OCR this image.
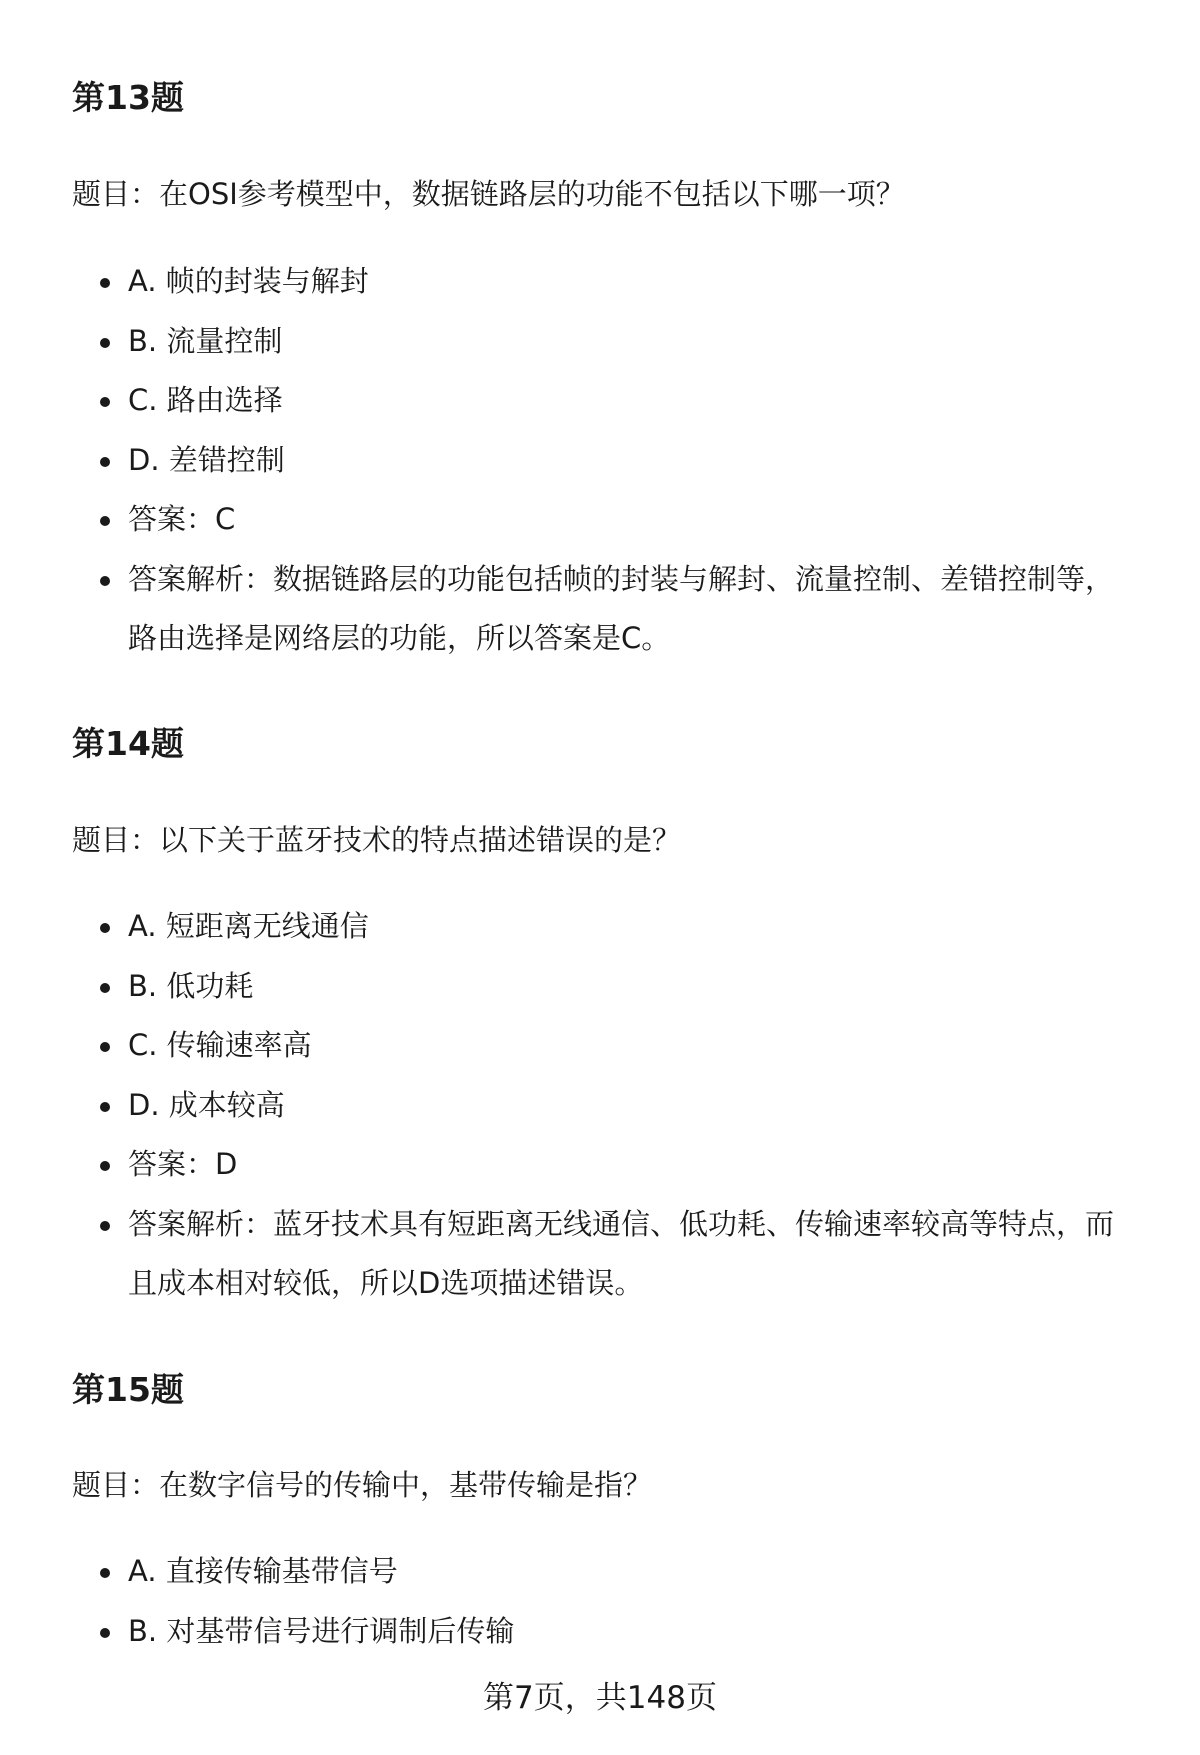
第13题

题目：在OSI参考模型中，数据链路层的功能不包括以下哪一项？

A. 帧的封装与解封
B. 流量控制
C. 路由选择
D. 差错控制
答案：C
答案解析：数据链路层的功能包括帧的封装与解封、流量控制、差错控制等，路由选择是网络层的功能，所以答案是C。
第14题

题目：以下关于蓝牙技术的特点描述错误的是？

A. 短距离无线通信
B. 低功耗
C. 传输速率高
D. 成本较高
答案：D
答案解析：蓝牙技术具有短距离无线通信、低功耗、传输速率较高等特点，而且成本相对较低，所以D选项描述错误。
第15题

题目：在数字信号的传输中，基带传输是指？

A. 直接传输基带信号
B. 对基带信号进行调制后传输
第7页，共148页
